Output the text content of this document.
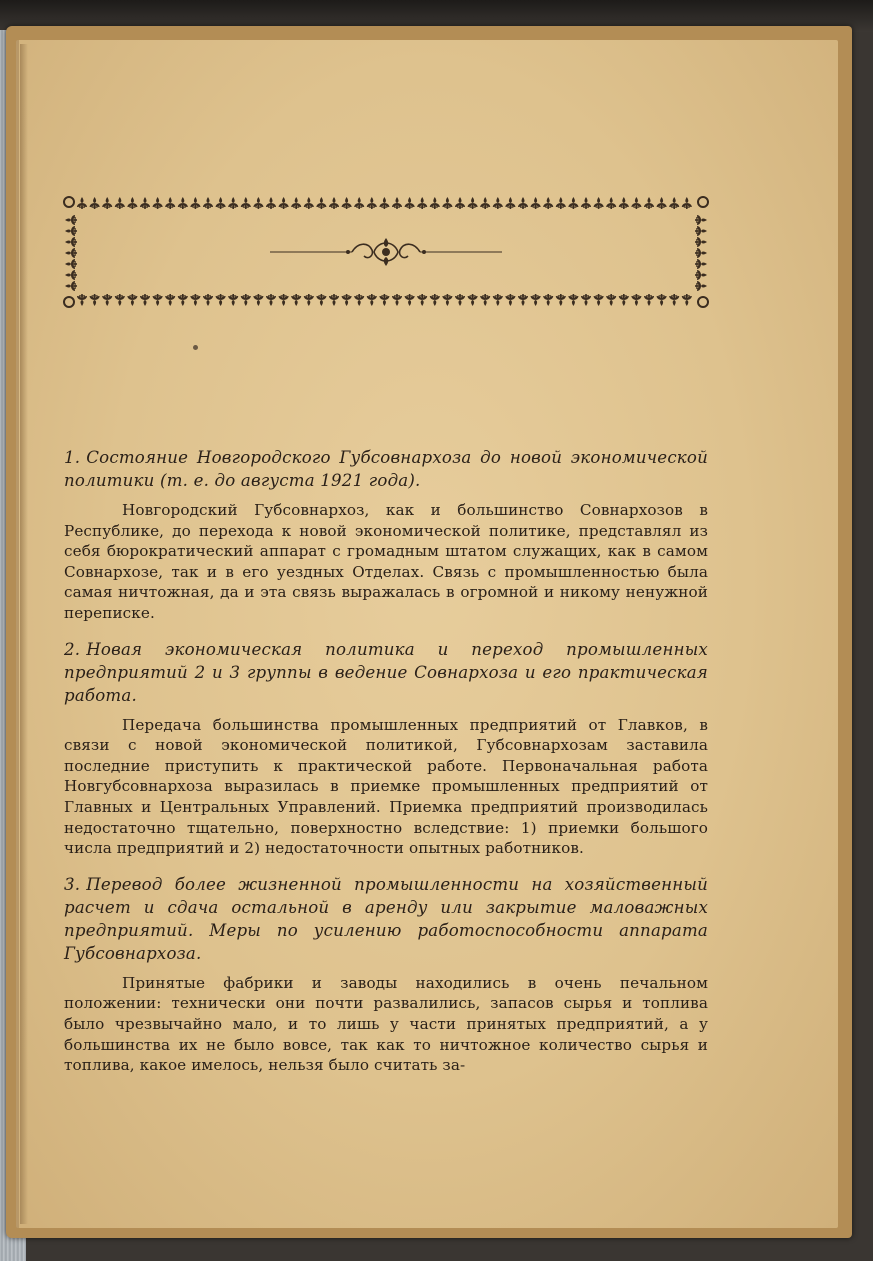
1. Состояние Новгородского Губсовнархоза до новой экономической политики (т. е. до августа 1921 года).
Новгородский Губсовнархоз, как и большинство Совнархозов в Республике, до перехода к новой экономической политике, представлял из себя бюрократический аппарат с громадным штатом служащих, как в самом Совнархозе, так и в его уездных Отделах. Связь с промышленностью была самая ничтожная, да и эта связь выражалась в огромной и никому ненужной переписке.
2. Новая экономическая политика и переход промышленных предприятий 2 и 3 группы в ведение Совнархоза и его практическая работа.
Передача большинства промышленных предприятий от Главков, в связи с новой экономической политикой, Губсовнархозам заставила последние приступить к практической работе. Первоначальная работа Новгубсовнархоза выразилась в приемке промышленных предприятий от Главных и Центральных Управлений. Приемка предприятий производилась недостаточно тщательно, поверхностно вследствие: 1) приемки большого числа предприятий и 2) недостаточности опытных работников.
3. Перевод более жизненной промышленности на хозяйственный расчет и сдача остальной в аренду или закрытие маловажных предприятий. Меры по усилению работоспособности аппарата Губсовнархоза.
Принятые фабрики и заводы находились в очень печальном положении: технически они почти развалились, запасов сырья и топлива было чрезвычайно мало, и то лишь у части принятых предприятий, а у большинства их не было вовсе, так как то ничтожное количество сырья и топлива, какое имелось, нельзя было считать за-
